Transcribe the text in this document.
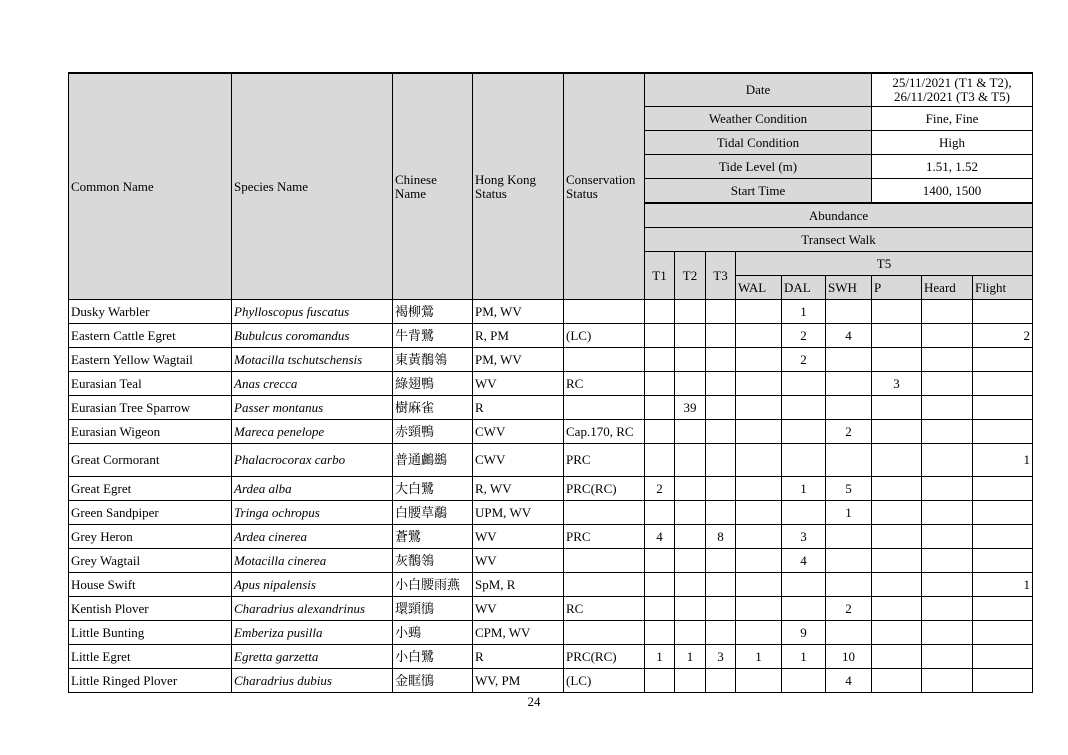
Common Name	Species Name	Chinese Name	Hong Kong Status	Conservation Status	Date						25/11/2021 (T1 & T2), 26/11/2021 (T3 & T5)		
					Weather Condition						Fine, Fine		
					Tidal Condition						High		
					Tide Level (m)						1.51, 1.52		
					Start Time						1400, 1500		
					Abundance								
					Transect Walk								
					T1	T2	T3	T5					
								WAL	DAL	SWH	P	Heard	Flight
Dusky Warbler	Phylloscopus fuscatus	褐柳鶯	PM, WV						1				
Eastern Cattle Egret	Bubulcus coromandus	牛背鷺	R, PM	(LC)					2	4			2
Eastern Yellow Wagtail	Motacilla tschutschensis	東黃鶺鴒	PM, WV						2				
Eurasian Teal	Anas crecca	綠翅鴨	WV	RC							3		
Eurasian Tree Sparrow	Passer montanus	樹麻雀	R			39							
Eurasian Wigeon	Mareca penelope	赤頸鴨	CWV	Cap.170, RC						2			
Great Cormorant	Phalacrocorax carbo	普通鸕鷀	CWV	PRC									1
Great Egret	Ardea alba	大白鷺	R, WV	PRC(RC)	2				1	5			
Green Sandpiper	Tringa ochropus	白腰草鷸	UPM, WV							1			
Grey Heron	Ardea cinerea	蒼鷺	WV	PRC	4		8		3				
Grey Wagtail	Motacilla cinerea	灰鶺鴒	WV						4				
House Swift	Apus nipalensis	小白腰雨燕	SpM, R										1
Kentish Plover	Charadrius alexandrinus	環頸鴴	WV	RC						2			
Little Bunting	Emberiza pusilla	小鵐	CPM, WV						9				
Little Egret	Egretta garzetta	小白鷺	R	PRC(RC)	1	1	3	1	1	10			
Little Ringed Plover	Charadrius dubius	金眶鴴	WV, PM	(LC)						4			
24
